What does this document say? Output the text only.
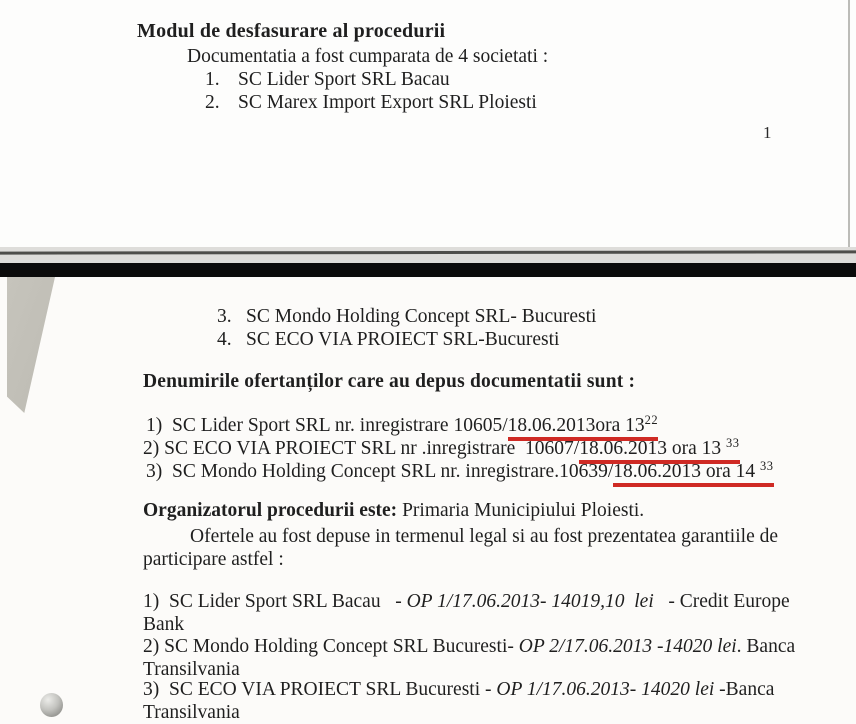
Modul de desfasurare al procedurii

Documentatia a fost cumparata de 4 societati :

1. SC Lider Sport SRL Bacau
2. SC Marex Import Export SRL Ploiesti
1
3. SC Mondo Holding Concept SRL- Bucuresti
4. SC ECO VIA PROIECT SRL-Bucuresti
Denumirile ofertanților care au depus documentatii sunt :

1)  SC Lider Sport SRL nr. inregistrare 10605/18.06.2013ora $13^{22}$

2) SC ECO VIA PROIECT SRL nr .inregistrare  10607/18.06.2013 ora 13 $^{33}$

3)  SC Mondo Holding Concept SRL nr. inregistrare.10639/18.06.2013 ora 14 $^{33}$

Organizatorul procedurii este: Primaria Municipiului Ploiesti.

Ofertele au fost depuse in termenul legal si au fost prezentatea garantiile de participare astfel :

1)  SC Lider Sport SRL Bacau   - OP 1/17.06.2013- 14019,10  lei   - Credit Europe
Bank

2) SC Mondo Holding Concept SRL Bucuresti- OP 2/17.06.2013 -14020 lei. Banca
Transilvania

3)  SC ECO VIA PROIECT SRL Bucuresti - OP 1/17.06.2013- 14020 lei -Banca
Transilvania
